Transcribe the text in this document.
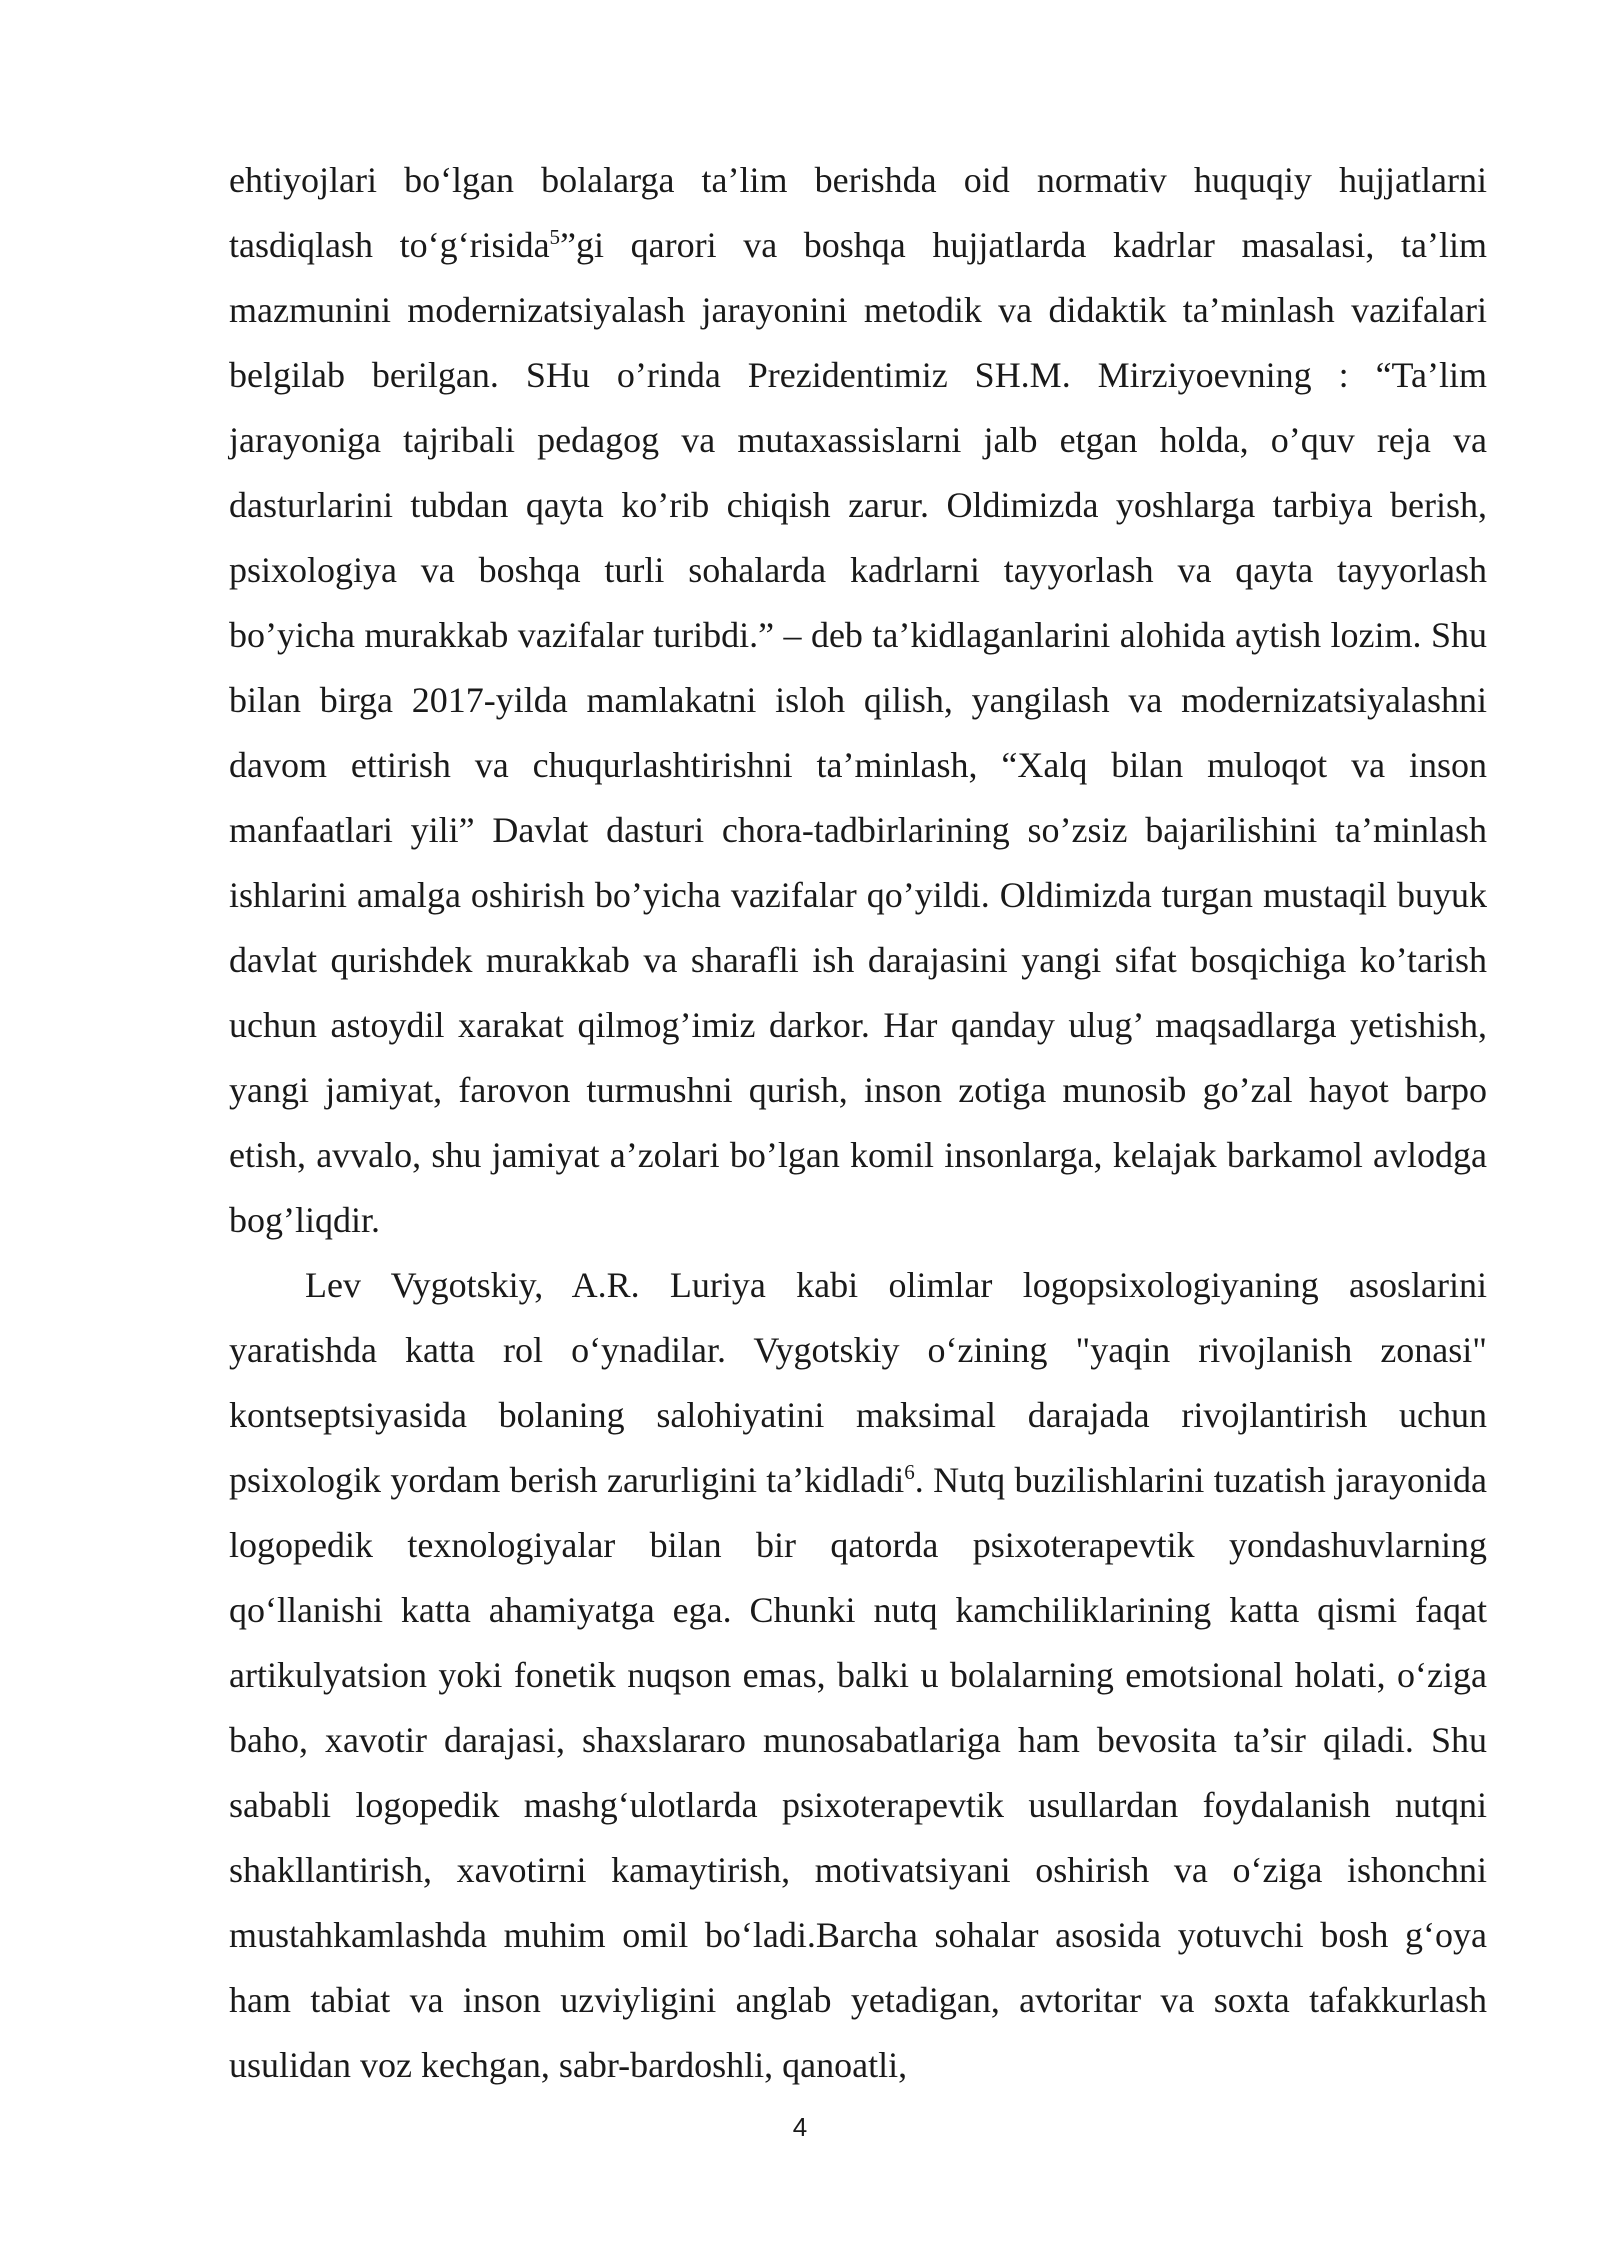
ehtiyojlari bo‘lgan bolalarga ta’lim berishda oid normativ huquqiy hujjatlarni tasdiqlash to‘g‘risida$^5$”gi qarori va boshqa hujjatlarda kadrlar masalasi, ta’lim mazmunini modernizatsiyalash jarayonini metodik va didaktik ta’minlash vazifalari belgilab berilgan. SHu o’rinda Prezidentimiz SH.M. Mirziyoevning : “Ta’lim jarayoniga tajribali pedagog va mutaxassislarni jalb etgan holda, o’quv reja va dasturlarini tubdan qayta ko’rib chiqish zarur. Oldimizda yoshlarga tarbiya berish, psixologiya va boshqa turli sohalarda kadrlarni tayyorlash va qayta tayyorlash bo’yicha murakkab vazifalar turibdi.” – deb ta’kidlaganlarini alohida aytish lozim. Shu bilan birga 2017-yilda mamlakatni isloh qilish, yangilash va modernizatsiyalashni davom ettirish va chuqurlashtirishni ta’minlash, “Xalq bilan muloqot va inson manfaatlari yili” Davlat dasturi chora-tadbirlarining so’zsiz bajarilishini ta’minlash ishlarini amalga oshirish bo’yicha vazifalar qo’yildi. Oldimizda turgan mustaqil buyuk davlat qurishdek murakkab va sharafli ish darajasini yangi sifat bosqichiga ko’tarish uchun astoydil xarakat qilmog’imiz darkor. Har qanday ulug’ maqsadlarga yetishish, yangi jamiyat, farovon turmushni qurish, inson zotiga munosib go’zal hayot barpo etish, avvalo, shu jamiyat a’zolari bo’lgan komil insonlarga, kelajak barkamol avlodga bog’liqdir.

Lev Vygotskiy, A.R. Luriya kabi olimlar logopsixologiyaning asoslarini yaratishda katta rol o‘ynadilar. Vygotskiy o‘zining "yaqin rivojlanish zonasi" kontseptsiyasida bolaning salohiyatini maksimal darajada rivojlantirish uchun psixologik yordam berish zarurligini ta’kidladi$^6$. Nutq buzilishlarini tuzatish jarayonida logopedik texnologiyalar bilan bir qatorda psixoterapevtik yondashuvlarning qo‘llanishi katta ahamiyatga ega. Chunki nutq kamchiliklarining katta qismi faqat artikulyatsion yoki fonetik nuqson emas, balki u bolalarning emotsional holati, o‘ziga baho, xavotir darajasi, shaxslararo munosabatlariga ham bevosita ta’sir qiladi. Shu sababli logopedik mashg‘ulotlarda psixoterapevtik usullardan foydalanish nutqni shakllantirish, xavotirni kamaytirish, motivatsiyani oshirish va o‘ziga ishonchni mustahkamlashda muhim omil bo‘ladi.Barcha sohalar asosida yotuvchi bosh g‘oya ham tabiat va inson uzviyligini anglab yetadigan, avtoritar va soxta tafakkurlash usulidan voz kechgan, sabr-bardoshli, qanoatli,

4
